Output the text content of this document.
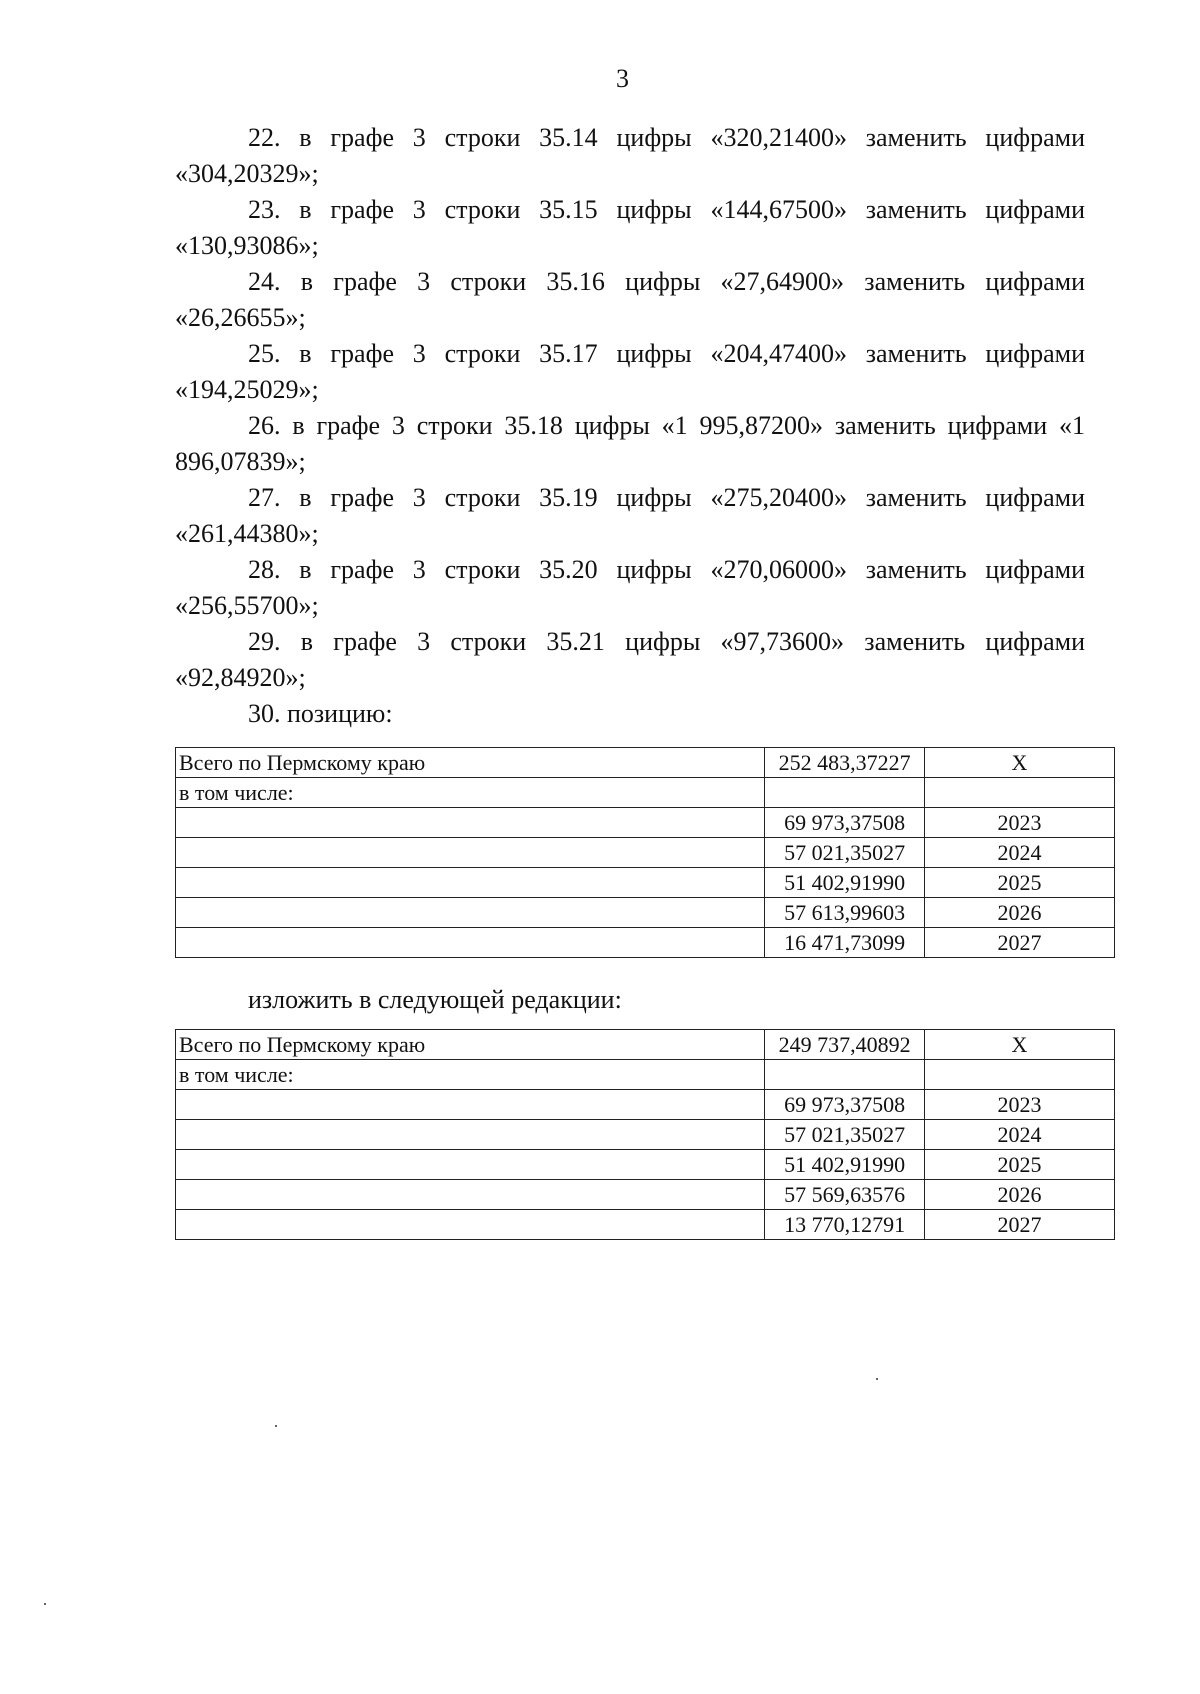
3

22. в графе 3 строки 35.14 цифры «320,21400» заменить цифрами «304,20329»;

23. в графе 3 строки 35.15 цифры «144,67500» заменить цифрами «130,93086»;

24. в графе 3 строки 35.16 цифры «27,64900» заменить цифрами «26,26655»;

25. в графе 3 строки 35.17 цифры «204,47400» заменить цифрами «194,25029»;

26. в графе 3 строки 35.18 цифры «1 995,87200» заменить цифрами «1 896,07839»;

27. в графе 3 строки 35.19 цифры «275,20400» заменить цифрами «261,44380»;

28. в графе 3 строки 35.20 цифры «270,06000» заменить цифрами «256,55700»;

29. в графе 3 строки 35.21 цифры «97,73600» заменить цифрами «92,84920»;

30. позицию:

Всего по Пермскому краю	252 483,37227	X
в том числе:		
	69 973,37508	2023
	57 021,35027	2024
	51 402,91990	2025
	57 613,99603	2026
	16 471,73099	2027

изложить в следующей редакции:

Всего по Пермскому краю	249 737,40892	X
в том числе:		
	69 973,37508	2023
	57 021,35027	2024
	51 402,91990	2025
	57 569,63576	2026
	13 770,12791	2027
